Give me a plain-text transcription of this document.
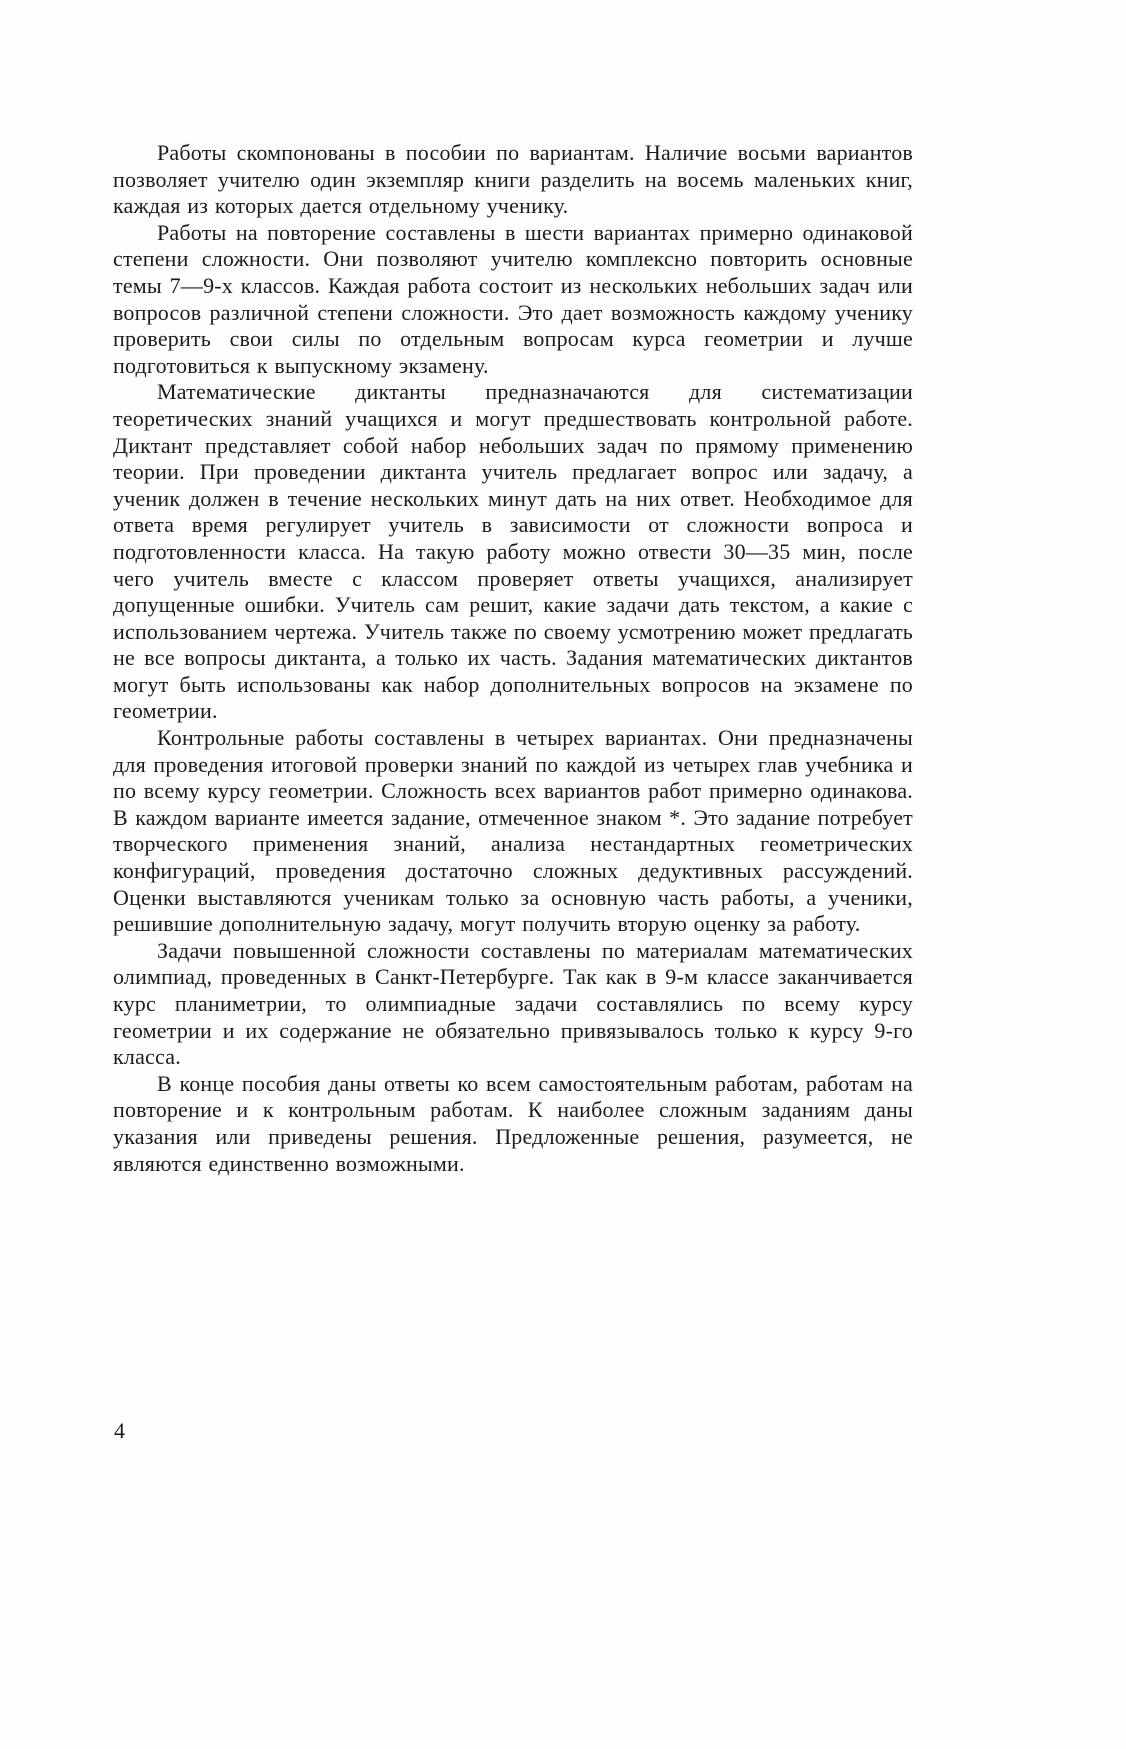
Работы скомпонованы в пособии по вариантам. Наличие восьми вариантов позволяет учителю один экземпляр книги разделить на восемь маленьких книг, каждая из которых дается отдельному ученику.

Работы на повторение составлены в шести вариантах примерно одинаковой степени сложности. Они позволяют учителю комплексно повторить основные темы 7—9-х классов. Каждая работа состоит из нескольких небольших задач или вопросов различной степени сложности. Это дает возможность каждому ученику проверить свои силы по отдельным вопросам курса геометрии и лучше подготовиться к выпускному экзамену.

Математические диктанты предназначаются для систематизации теоретических знаний учащихся и могут предшествовать контрольной работе. Диктант представляет собой набор небольших задач по прямому применению теории. При проведении диктанта учитель предлагает вопрос или задачу, а ученик должен в течение нескольких минут дать на них ответ. Необходимое для ответа время регулирует учитель в зависимости от сложности вопроса и подготовленности класса. На такую работу можно отвести 30—35 мин, после чего учитель вместе с классом проверяет ответы учащихся, анализирует допущенные ошибки. Учитель сам решит, какие задачи дать текстом, а какие с использованием чертежа. Учитель также по своему усмотрению может предлагать не все вопросы диктанта, а только их часть. Задания математических диктантов могут быть использованы как набор дополнительных вопросов на экзамене по геометрии.

Контрольные работы составлены в четырех вариантах. Они предназначены для проведения итоговой проверки знаний по каждой из четырех глав учебника и по всему курсу геометрии. Сложность всех вариантов работ примерно одинакова. В каждом варианте имеется задание, отмеченное знаком *. Это задание потребует творческого применения знаний, анализа нестандартных геометрических конфигураций, проведения достаточно сложных дедуктивных рассуждений. Оценки выставляются ученикам только за основную часть работы, а ученики, решившие дополнительную задачу, могут получить вторую оценку за работу.

Задачи повышенной сложности составлены по материалам математических олимпиад, проведенных в Санкт-Петербурге. Так как в 9-м классе заканчивается курс планиметрии, то олимпиадные задачи составлялись по всему курсу геометрии и их содержание не обязательно привязывалось только к курсу 9-го класса.

В конце пособия даны ответы ко всем самостоятельным работам, работам на повторение и к контрольным работам. К наиболее сложным заданиям даны указания или приведены решения. Предложенные решения, разумеется, не являются единственно возможными.

4
